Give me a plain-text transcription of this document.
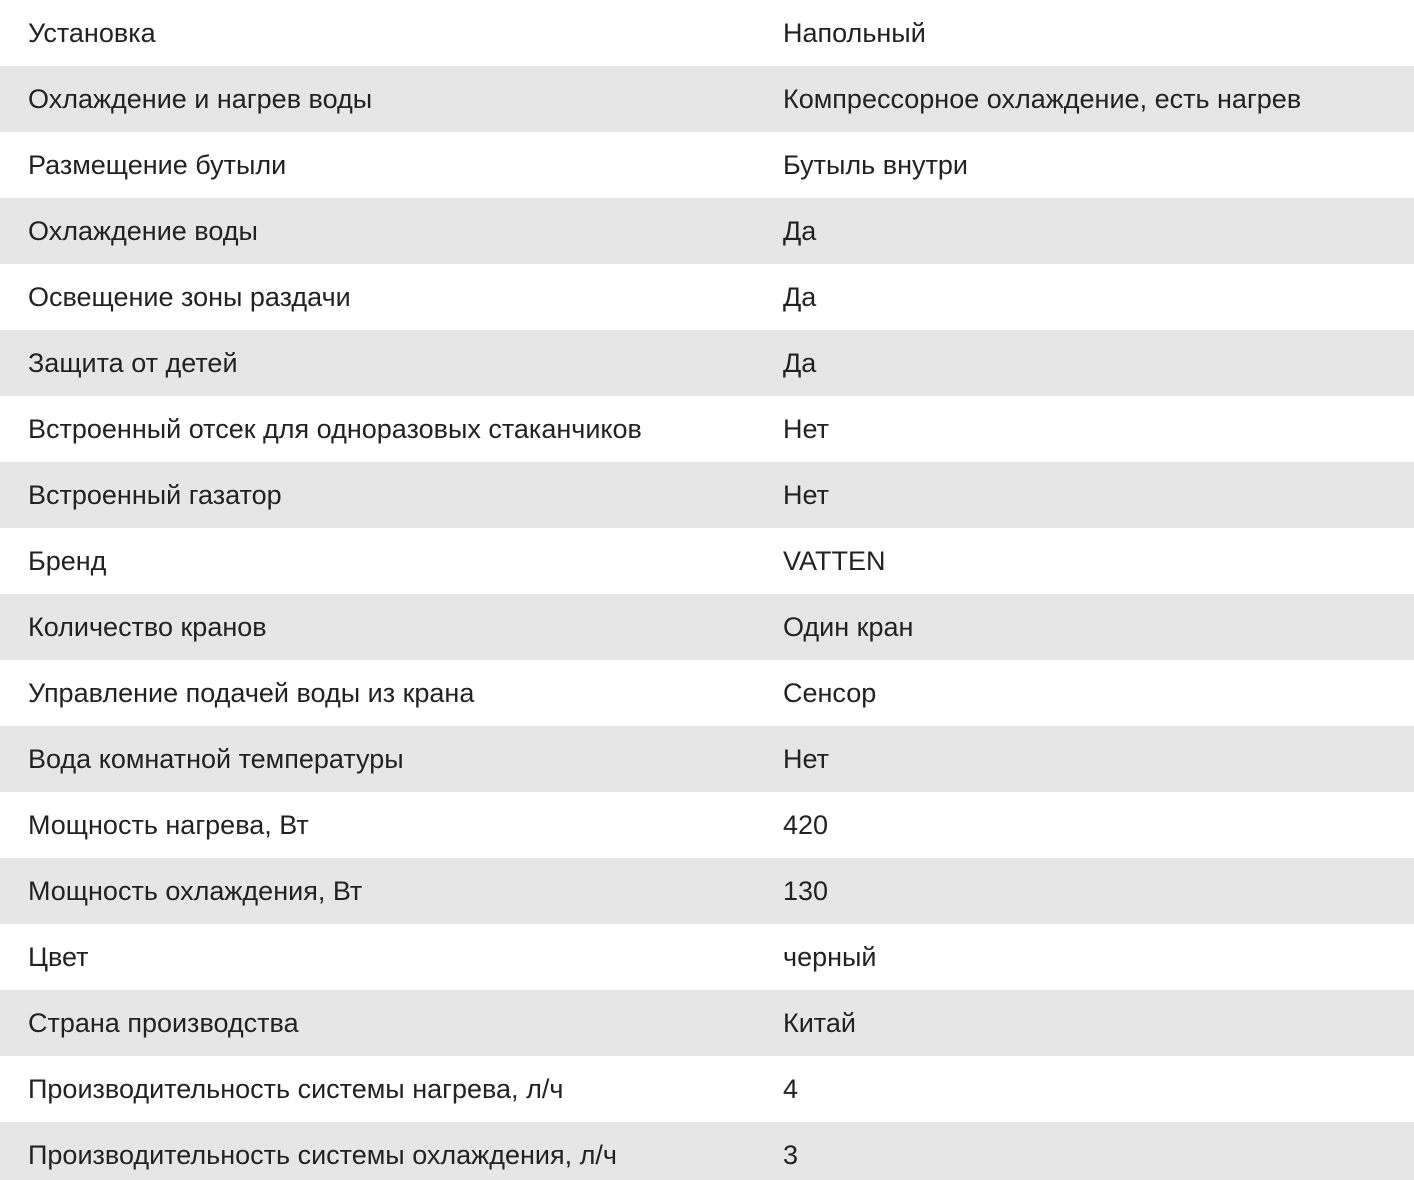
Установка	Напольный
Охлаждение и нагрев воды	Компрессорное охлаждение, есть нагрев
Размещение бутыли	Бутыль внутри
Охлаждение воды	Да
Освещение зоны раздачи	Да
Защита от детей	Да
Встроенный отсек для одноразовых стаканчиков	Нет
Встроенный газатор	Нет
Бренд	VATTEN
Количество кранов	Один кран
Управление подачей воды из крана	Сенсор
Вода комнатной температуры	Нет
Мощность нагрева, Вт	420
Мощность охлаждения, Вт	130
Цвет	черный
Страна производства	Китай
Производительность системы нагрева, л/ч	4
Производительность системы охлаждения, л/ч	3
